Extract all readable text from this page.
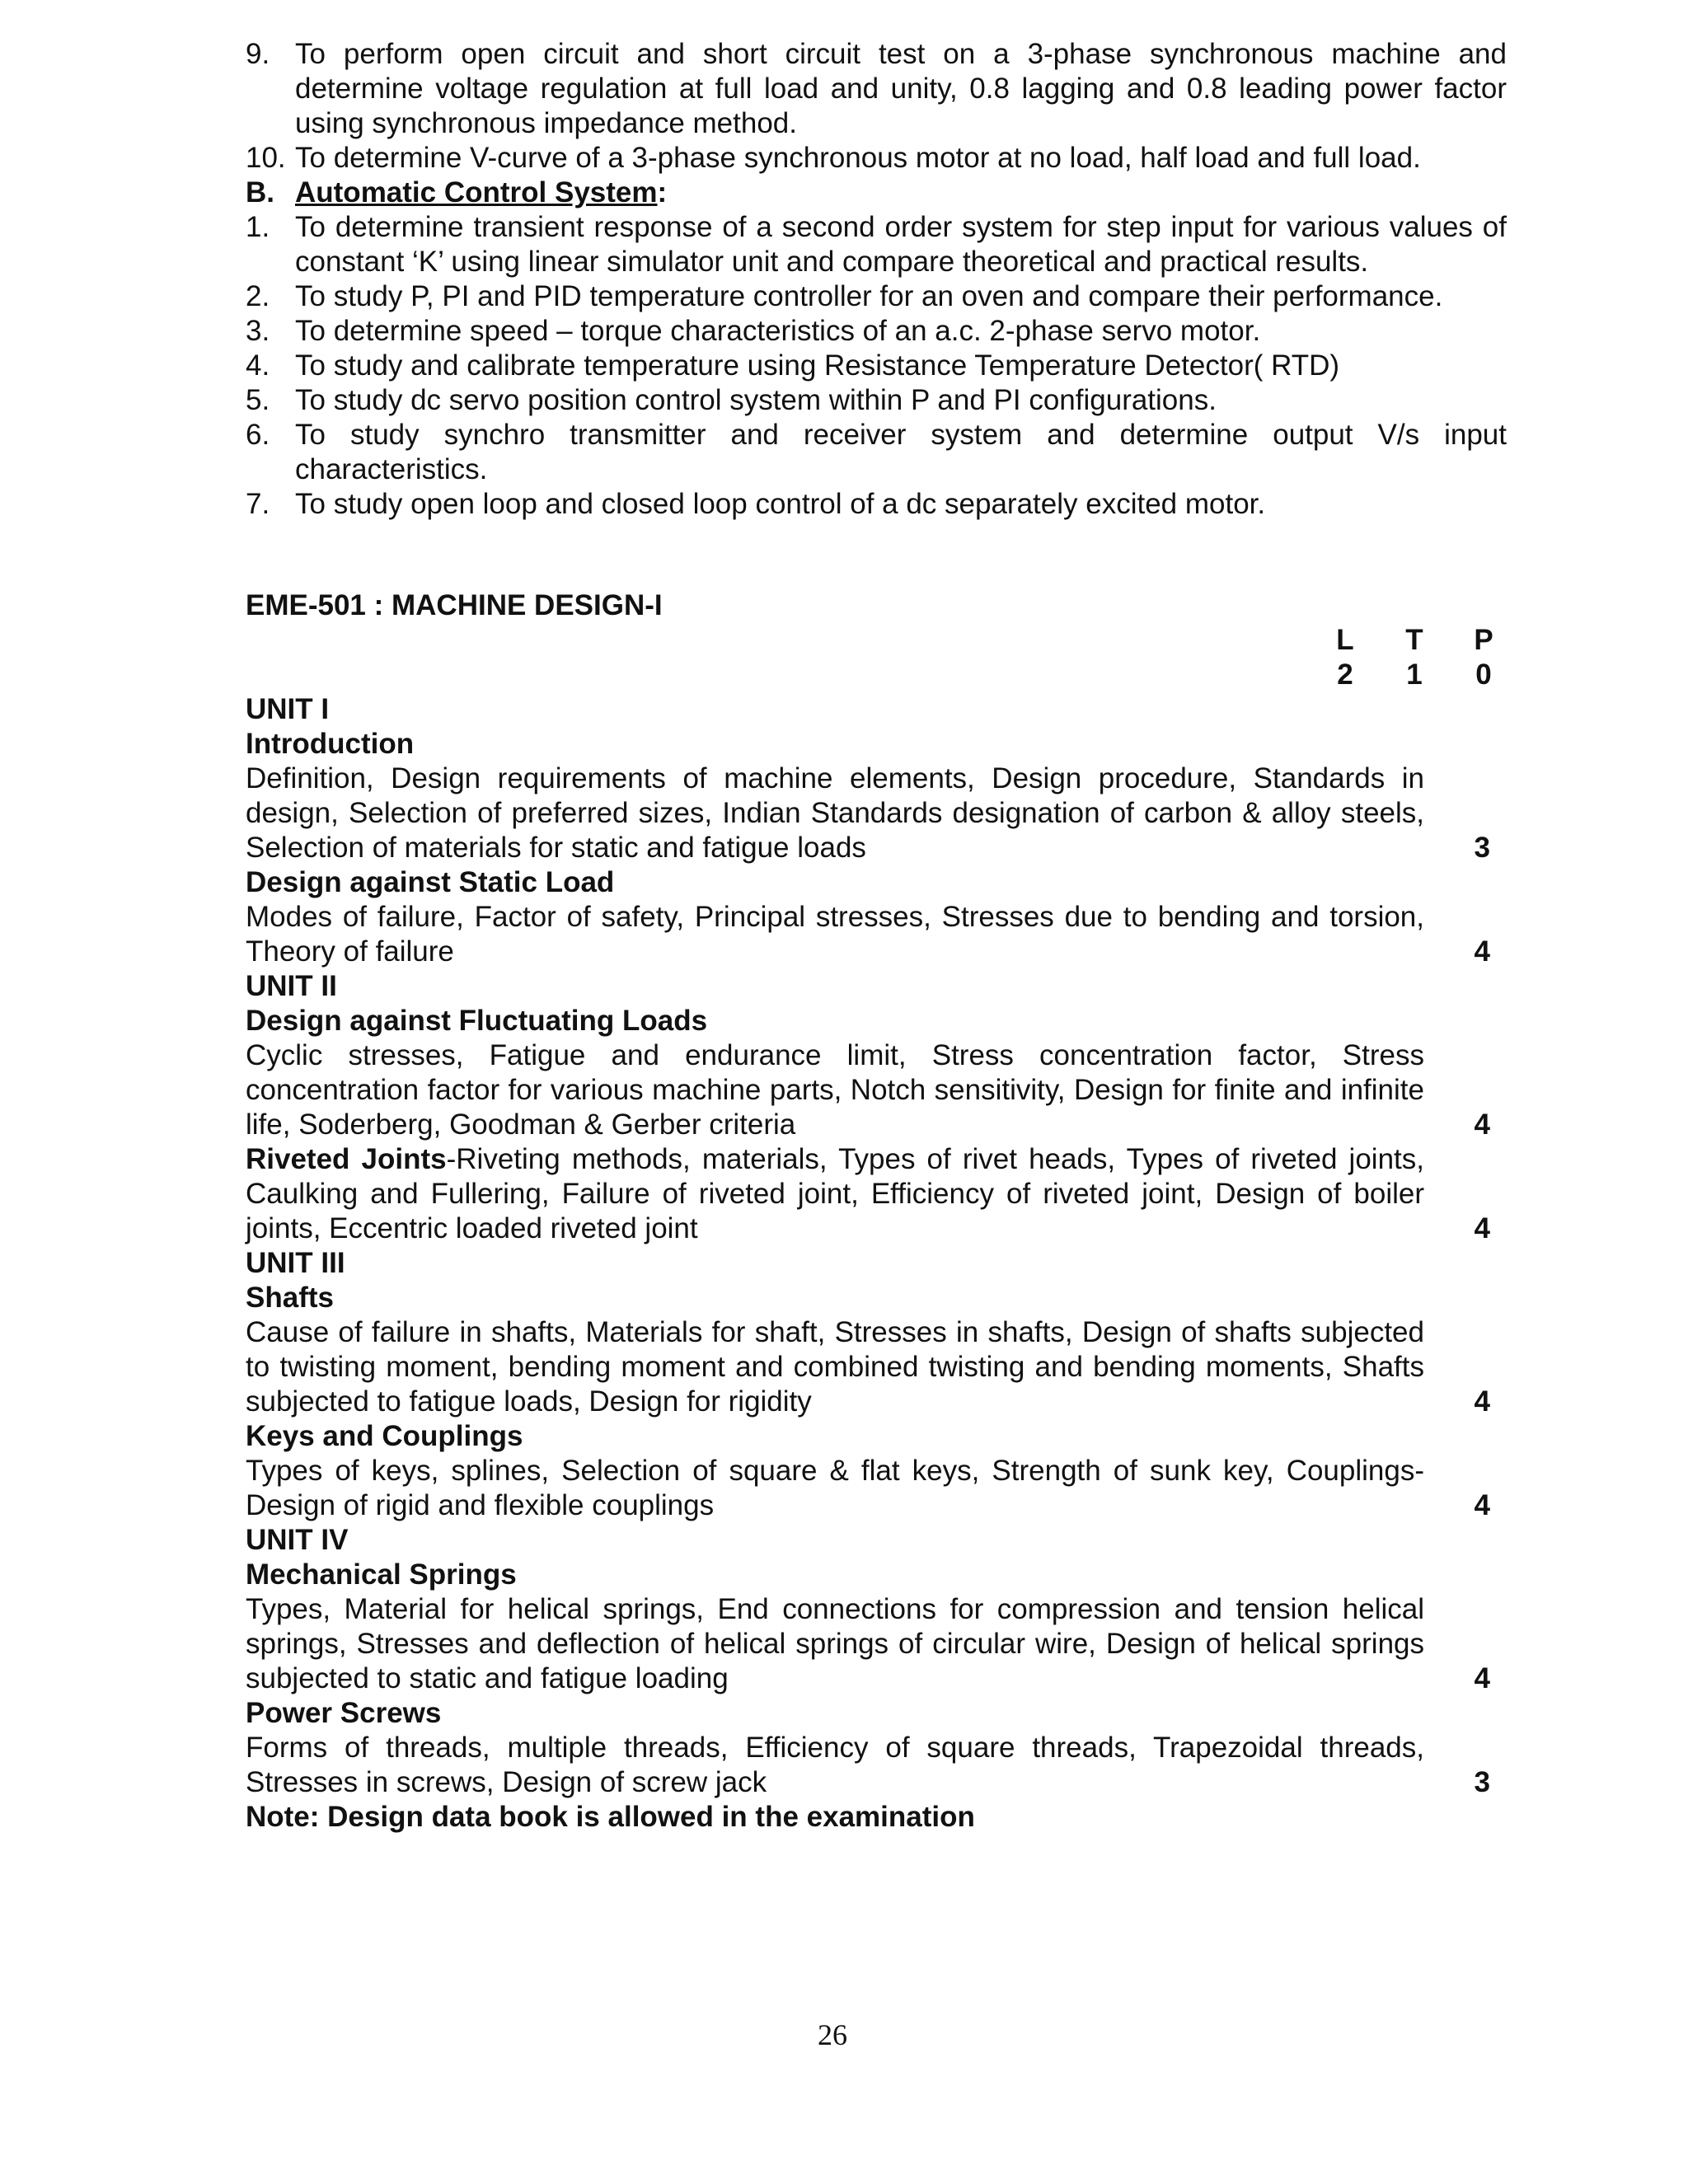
9. To perform open circuit and short circuit test on a 3-phase synchronous machine and determine voltage regulation at full load and unity, 0.8 lagging and 0.8 leading power factor using synchronous impedance method.
10. To determine V-curve of a 3-phase synchronous motor at no load, half load and full load.
B. Automatic Control System:
1. To determine transient response of a second order system for step input for various values of constant ‘K’ using linear simulator unit and compare theoretical and practical results.
2. To study P, PI and PID temperature controller for an oven and compare their performance.
3. To determine speed – torque characteristics of an a.c. 2-phase servo motor.
4. To study and calibrate temperature using Resistance Temperature Detector( RTD)
5. To study dc servo position control system within P and PI configurations.
6. To study synchro transmitter and receiver system and determine output V/s input characteristics.
7. To study open loop and closed loop control of a dc separately excited motor.
EME-501 : MACHINE DESIGN-I
L	T	P
2	1	0
UNIT I
Introduction
Definition, Design requirements of machine elements, Design procedure, Standards in design, Selection of preferred sizes, Indian Standards designation of carbon & alloy steels, Selection of materials for static and fatigue loads	3
Design against Static Load
Modes of failure, Factor of safety, Principal stresses, Stresses due to bending and torsion, Theory of failure	4
UNIT II
Design against Fluctuating Loads
Cyclic stresses, Fatigue and endurance limit, Stress concentration factor, Stress concentration factor for various machine parts, Notch sensitivity, Design for finite and infinite life, Soderberg, Goodman & Gerber criteria	4
Riveted Joints-Riveting methods, materials, Types of rivet heads, Types of riveted joints, Caulking and Fullering, Failure of riveted joint, Efficiency of riveted joint, Design of boiler joints, Eccentric loaded riveted joint	4
UNIT III
Shafts
Cause of failure in shafts, Materials for shaft, Stresses in shafts, Design of shafts subjected to twisting moment, bending moment and combined twisting and bending moments, Shafts subjected to fatigue loads, Design for rigidity	4
Keys and Couplings
Types of keys, splines, Selection of square & flat keys, Strength of sunk key, Couplings-Design of rigid and flexible couplings	4
UNIT IV
Mechanical Springs
Types, Material for helical springs, End connections for compression and tension helical springs, Stresses and deflection of helical springs of circular wire, Design of helical springs subjected to static and fatigue loading	4
Power Screws
Forms of threads, multiple threads, Efficiency of square threads, Trapezoidal threads, Stresses in screws, Design of screw jack	3
Note: Design data book is allowed in the examination
26
